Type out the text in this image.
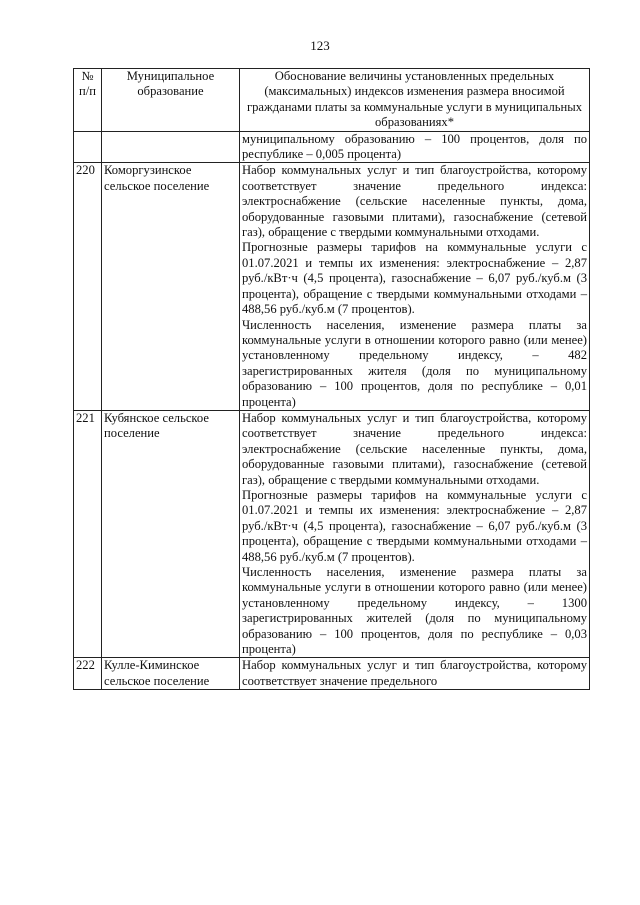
123
№ п/п	Муниципальное образование	Обоснование величины установленных предельных (максимальных) индексов изменения размера вносимой гражданами платы за коммунальные услуги в муниципальных образованиях*

		муниципальному образованию – 100 процентов, доля по республике – 0,005 процента)

220	Коморгузинское сельское поселение	Набор коммунальных услуг и тип благоустройства, которому соответствует значение предельного индекса: электроснабжение (сельские населенные пункты, дома, оборудованные газовыми плитами), газоснабжение (сетевой газ), обращение с твердыми коммунальными отходами.

Прогнозные размеры тарифов на коммунальные услуги с 01.07.2021 и темпы их изменения: электроснабжение – 2,87 руб./кВт·ч (4,5 процента), газоснабжение – 6,07 руб./куб.м (3 процента), обращение с твердыми коммунальными отходами – 488,56 руб./куб.м (7 процентов).

Численность населения, изменение размера платы за коммунальные услуги в отношении которого равно (или менее) установленному предельному индексу, – 482 зарегистрированных жителя (доля по муниципальному образованию – 100 процентов, доля по республике – 0,01 процента)

221	Кубянское сельское поселение	Набор коммунальных услуг и тип благоустройства, которому соответствует значение предельного индекса: электроснабжение (сельские населенные пункты, дома, оборудованные газовыми плитами), газоснабжение (сетевой газ), обращение с твердыми коммунальными отходами.

Прогнозные размеры тарифов на коммунальные услуги с 01.07.2021 и темпы их изменения: электроснабжение – 2,87 руб./кВт·ч (4,5 процента), газоснабжение – 6,07 руб./куб.м (3 процента), обращение с твердыми коммунальными отходами – 488,56 руб./куб.м (7 процентов).

Численность населения, изменение размера платы за коммунальные услуги в отношении которого равно (или менее) установленному предельному индексу, – 1300 зарегистрированных жителей (доля по муниципальному образованию – 100 процентов, доля по республике – 0,03 процента)

222	Кулле-Киминское сельское поселение	Набор коммунальных услуг и тип благоустройства, которому соответствует значение предельного
